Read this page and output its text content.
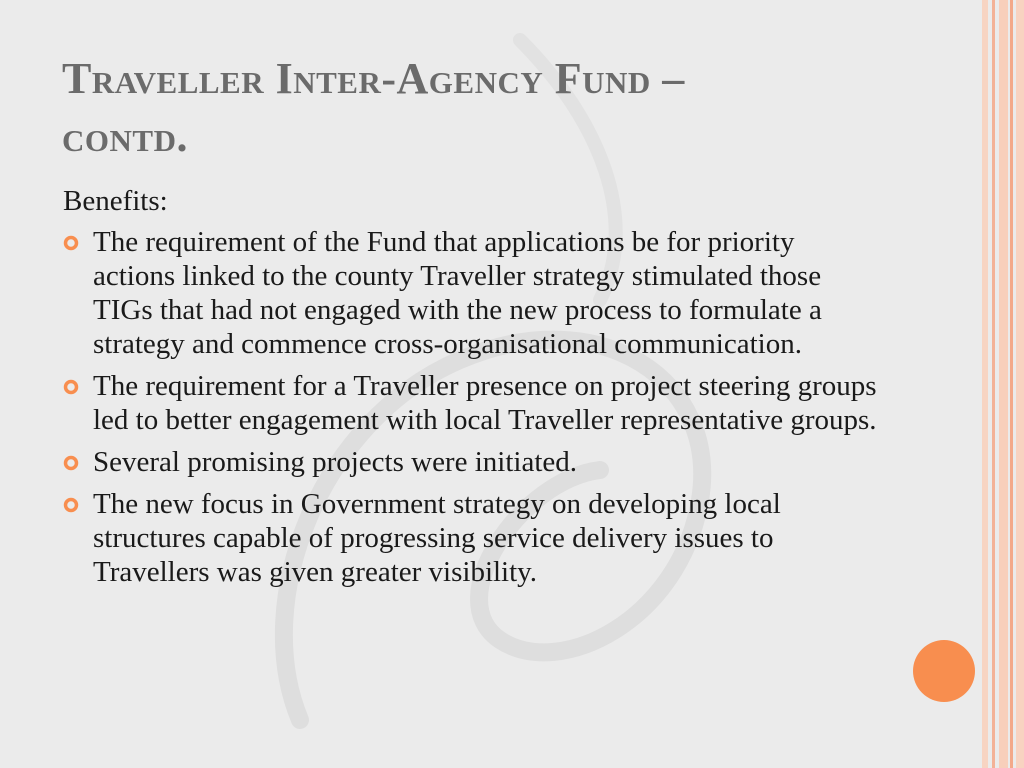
Traveller Inter-Agency Fund –
contd.
Benefits:
The requirement of the Fund that applications be for priority actions linked to the county Traveller strategy stimulated those TIGs that had not engaged with the new process to formulate a strategy and commence cross-organisational communication.
The requirement for a Traveller presence on project steering groups led to better engagement with local Traveller representative groups.
Several promising projects were initiated.
The new focus in Government strategy on developing local structures capable of progressing service delivery issues to Travellers was given greater visibility.
